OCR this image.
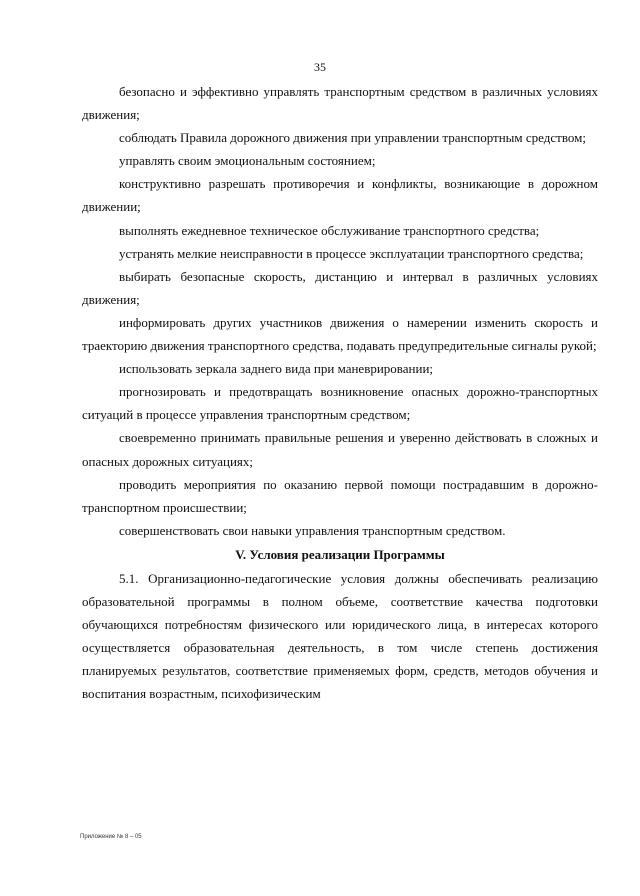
35

безопасно и эффективно управлять транспортным средством в различных условиях движения;

соблюдать Правила дорожного движения при управлении транспортным средством;

управлять своим эмоциональным состоянием;

конструктивно разрешать противоречия и конфликты, возникающие в дорожном движении;

выполнять ежедневное техническое обслуживание транспортного средства;

устранять мелкие неисправности в процессе эксплуатации транспортного средства;

выбирать безопасные скорость, дистанцию и интервал в различных условиях движения;

информировать других участников движения о намерении изменить скорость и траекторию движения транспортного средства, подавать предупредительные сигналы рукой;

использовать зеркала заднего вида при маневрировании;

прогнозировать и предотвращать возникновение опасных дорожно-транспортных ситуаций в процессе управления транспортным средством;

своевременно принимать правильные решения и уверенно действовать в сложных и опасных дорожных ситуациях;

проводить мероприятия по оказанию первой помощи пострадавшим в дорожно-транспортном происшествии;

совершенствовать свои навыки управления транспортным средством.

V. Условия реализации Программы

5.1. Организационно-педагогические условия должны обеспечивать реализацию образовательной программы в полном объеме, соответствие качества подготовки обучающихся потребностям физического или юридического лица, в интересах которого осуществляется образовательная деятельность, в том числе степень достижения планируемых результатов, соответствие применяемых форм, средств, методов обучения и воспитания возрастным, психофизическим

Приложение № 8 – 05
